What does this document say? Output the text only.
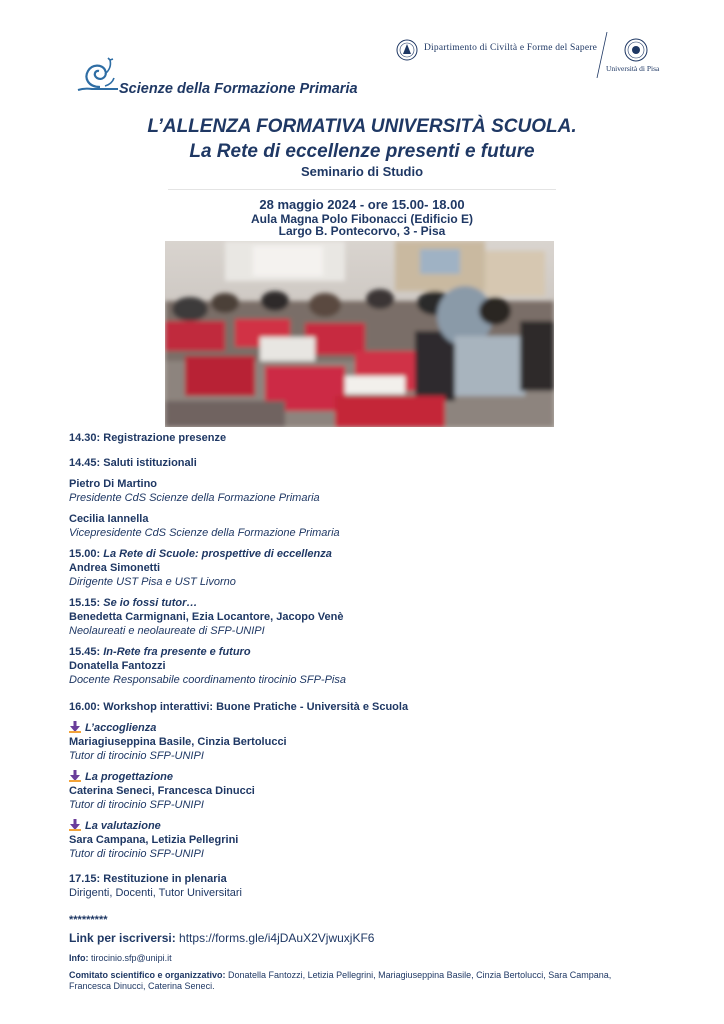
Scienze della Formazione Primaria
Dipartimento di Civiltà e Forme del Sapere
Università di Pisa
L’ALLENZA FORMATIVA UNIVERSITÀ SCUOLA.
La Rete di eccellenze presenti e future
Seminario di Studio
28 maggio 2024 - ore 15.00- 18.00
Aula Magna Polo Fibonacci (Edificio E)
Largo B. Pontecorvo, 3 - Pisa
14.30: Registrazione presenze
14.45: Saluti istituzionali
Pietro Di Martino
Presidente CdS Scienze della Formazione Primaria
Cecilia Iannella
Vicepresidente CdS Scienze della Formazione Primaria
15.00: La Rete di Scuole: prospettive di eccellenza
Andrea Simonetti
Dirigente UST Pisa e UST Livorno
15.15: Se io fossi tutor…
Benedetta Carmignani, Ezia Locantore, Jacopo Venè
Neolaureati e neolaureate di SFP-UNIPI
15.45: In-Rete fra presente e futuro
Donatella Fantozzi
Docente Responsabile coordinamento tirocinio SFP-Pisa
16.00: Workshop interattivi: Buone Pratiche - Università e Scuola
L’accoglienza
Mariagiuseppina Basile, Cinzia Bertolucci
Tutor di tirocinio SFP-UNIPI
La progettazione
Caterina Seneci, Francesca Dinucci
Tutor di tirocinio SFP-UNIPI
La valutazione
Sara Campana, Letizia Pellegrini
Tutor di tirocinio SFP-UNIPI
17.15: Restituzione in plenaria
Dirigenti, Docenti, Tutor Universitari
*********
Link per iscriversi: https://forms.gle/i4jDAuX2VjwuxjKF6
Info: tirocinio.sfp@unipi.it
Comitato scientifico e organizzativo: Donatella Fantozzi, Letizia Pellegrini, Mariagiuseppina Basile, Cinzia Bertolucci, Sara Campana,
Francesca Dinucci, Caterina Seneci.
